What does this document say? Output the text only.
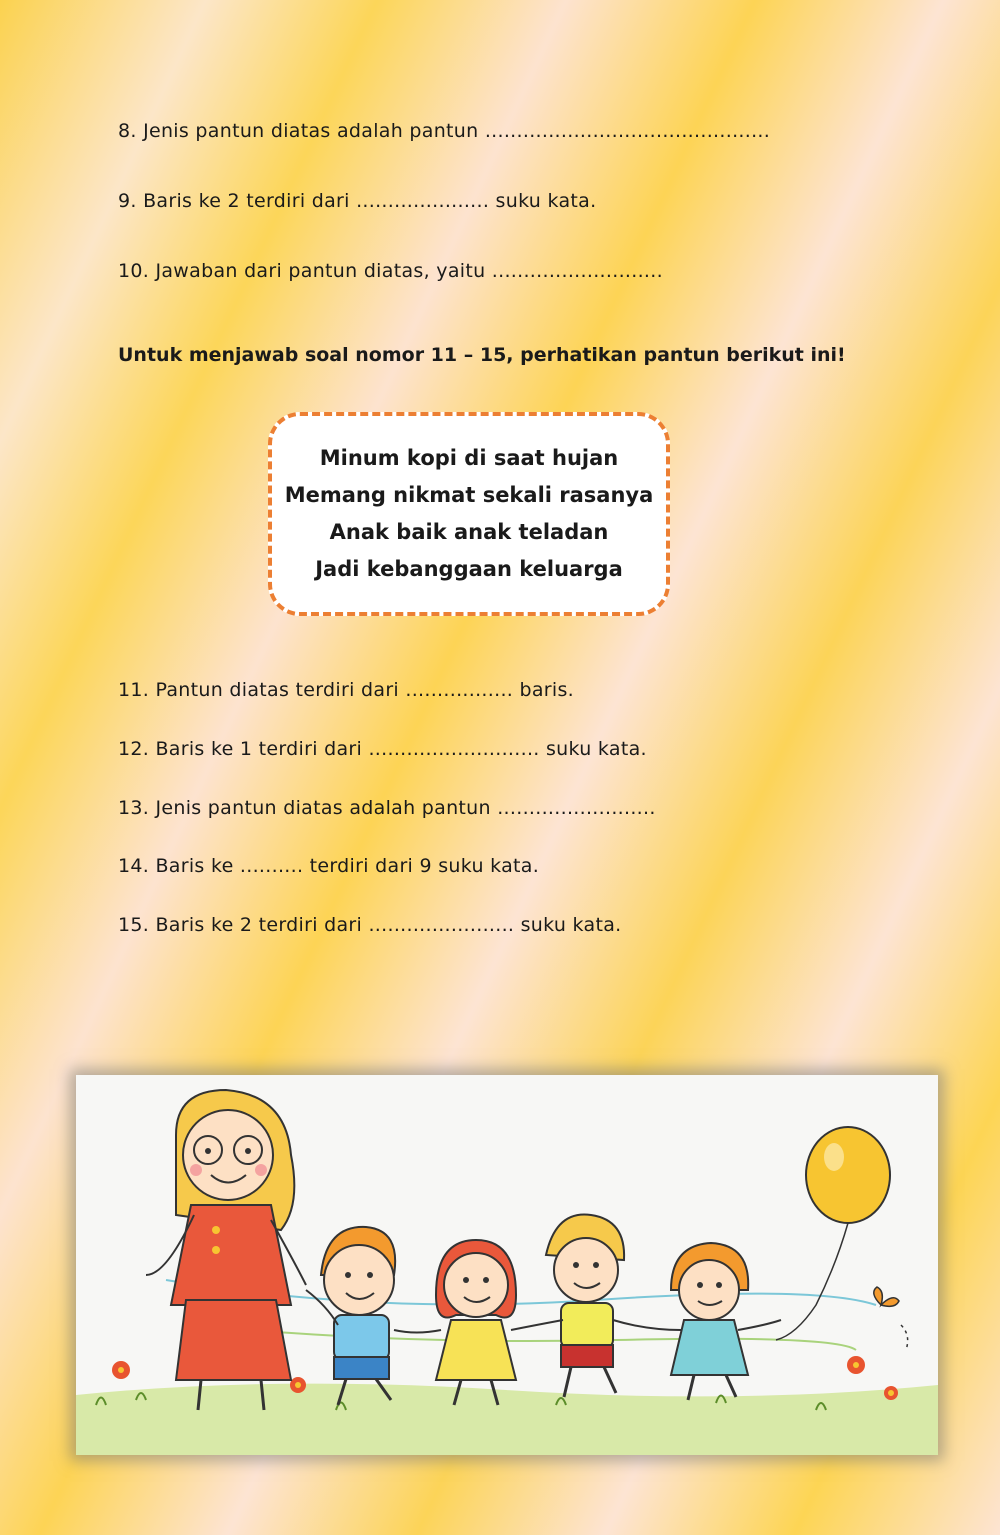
8. Jenis pantun diatas adalah pantun .............................................

9. Baris ke 2 terdiri dari ..................... suku kata.

10. Jawaban dari pantun diatas, yaitu ...........................

Untuk menjawab soal nomor 11 – 15, perhatikan pantun berikut ini!

Minum kopi di saat hujan
Memang nikmat sekali rasanya
Anak baik anak teladan
Jadi kebanggaan keluarga

11. Pantun diatas terdiri dari ................. baris.

12. Baris ke 1 terdiri dari ........................... suku kata.

13. Jenis pantun diatas adalah pantun .........................

14. Baris ke .......... terdiri dari 9 suku kata.

15. Baris ke 2 terdiri dari ....................... suku kata.
